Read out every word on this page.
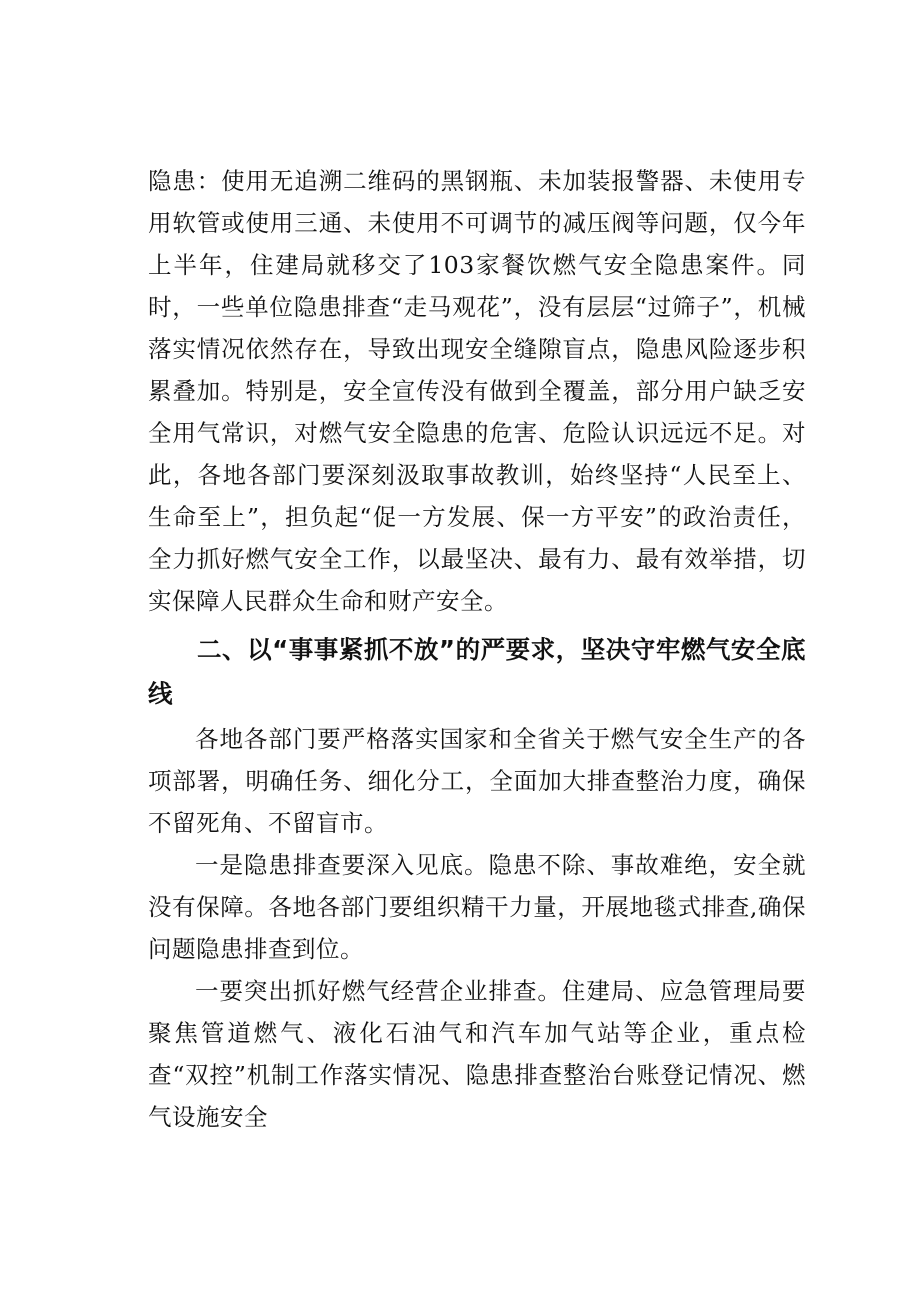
隐患：使用无追溯二维码的黑钢瓶、未加装报警器、未使用专用软管或使用三通、未使用不可调节的减压阀等问题，仅今年上半年，住建局就移交了103家餐饮燃气安全隐患案件。同时，一些单位隐患排查“走马观花”，没有层层“过筛子”，机械落实情况依然存在，导致出现安全缝隙盲点，隐患风险逐步积累叠加。特别是，安全宣传没有做到全覆盖，部分用户缺乏安全用气常识，对燃气安全隐患的危害、危险认识远远不足。对此，各地各部门要深刻汲取事故教训，始终坚持“人民至上、生命至上”，担负起“促一方发展、保一方平安”的政治责任，全力抓好燃气安全工作，以最坚决、最有力、最有效举措，切实保障人民群众生命和财产安全。

二、以“事事紧抓不放”的严要求，坚决守牢燃气安全底线

各地各部门要严格落实国家和全省关于燃气安全生产的各项部署，明确任务、细化分工，全面加大排查整治力度，确保不留死角、不留盲市。

一是隐患排查要深入见底。隐患不除、事故难绝，安全就没有保障。各地各部门要组织精干力量，开展地毯式排查,确保问题隐患排查到位。

一要突出抓好燃气经营企业排查。住建局、应急管理局要聚焦管道燃气、液化石油气和汽车加气站等企业，重点检查“双控”机制工作落实情况、隐患排查整治台账登记情况、燃气设施安全
